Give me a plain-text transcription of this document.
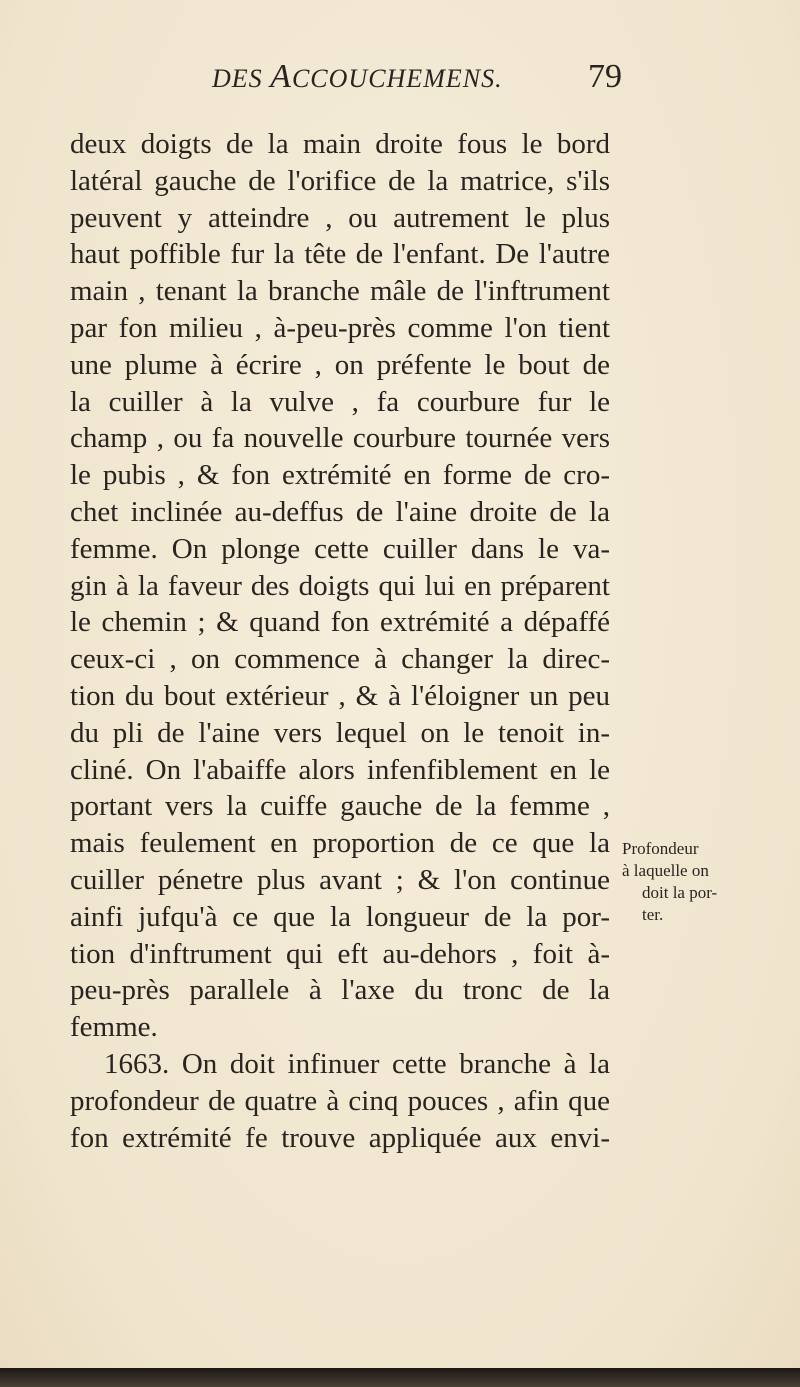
DES ACCOUCHEMENS.	79
deux doigts de la main droite fous le bord
latéral gauche de l'orifice de la matrice, s'ils
peuvent y atteindre , ou autrement le plus
haut poffible fur la tête de l'enfant. De l'autre
main , tenant la branche mâle de l'inftrument
par fon milieu , à-peu-près comme l'on tient
une plume à écrire , on préfente le bout de
la cuiller à la vulve , fa courbure fur le
champ , ou fa nouvelle courbure tournée vers
le pubis , & fon extrémité en forme de cro-
chet inclinée au-deffus de l'aine droite de la
femme. On plonge cette cuiller dans le va-
gin à la faveur des doigts qui lui en préparent
le chemin ; & quand fon extrémité a dépaffé
ceux-ci , on commence à changer la direc-
tion du bout extérieur , & à l'éloigner un peu
du pli de l'aine vers lequel on le tenoit in-
cliné. On l'abaiffe alors infenfiblement en le
portant vers la cuiffe gauche de la femme ,
mais feulement en proportion de ce que la
cuiller pénetre plus avant ; & l'on continue
ainfi jufqu'à ce que la longueur de la por-
tion d'inftrument qui eft au-dehors , foit à-
peu-près parallele à l'axe du tronc de la
femme.
1663. On doit infinuer cette branche à la
profondeur de quatre à cinq pouces , afin que
fon extrémité fe trouve appliquée aux envi-
Profondeur
à laquelle on
doit la por-
ter.
